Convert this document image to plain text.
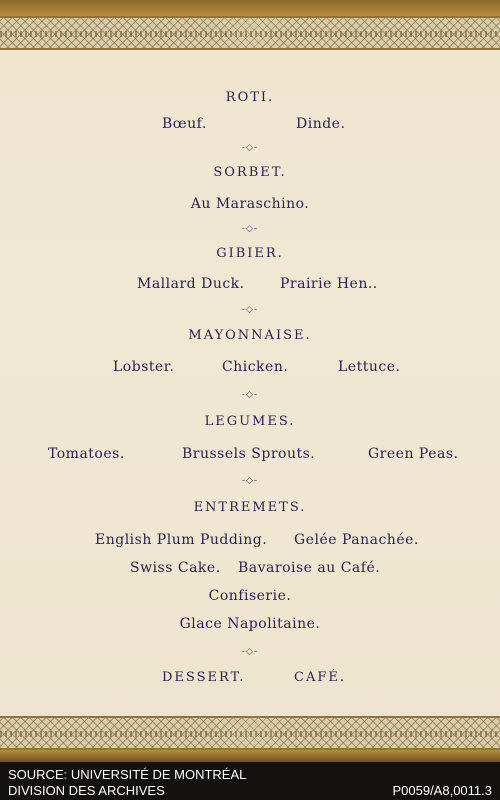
ROTI.
Bœuf.	Dinde.
-◇-
SORBET.
Au Maraschino.
-◇-
GIBIER.
Mallard Duck.	Prairie Hen..
-◇-
MAYONNAISE.
Lobster.	Chicken.	Lettuce.
-◇-
LEGUMES.
Tomatoes.	Brussels Sprouts.	Green Peas.
-◇-
ENTREMETS.
English Plum Pudding. Gelée Panachée.
Swiss Cake. Bavaroise au Café.
Confiserie.
Glace Napolitaine.
-◇-
DESSERT.	CAFÉ.
SOURCE: UNIVERSITÉ DE MONTRÉAL
DIVISION DES ARCHIVES	P0059/A8,0011.3
